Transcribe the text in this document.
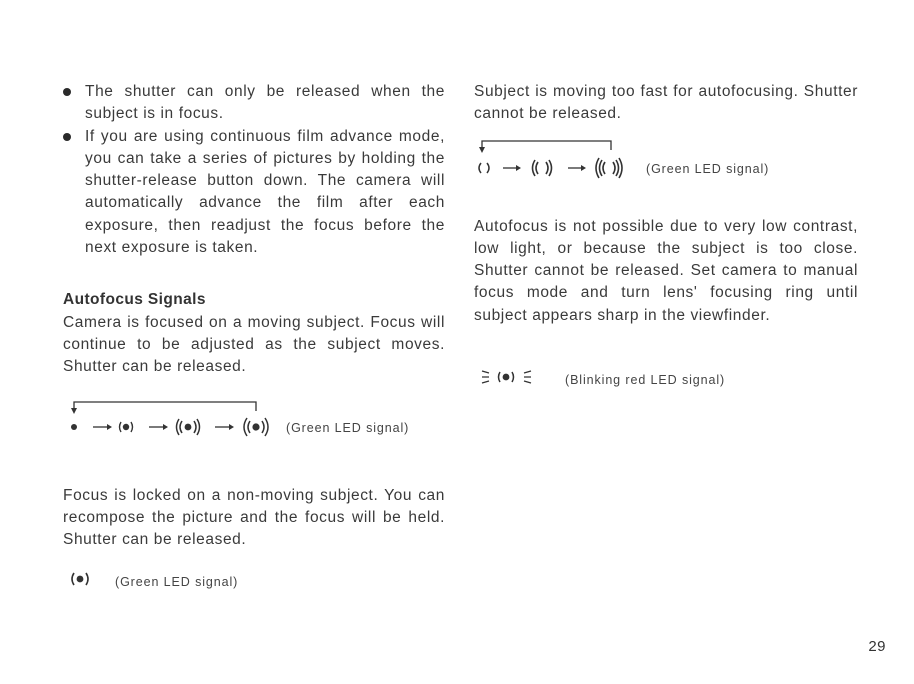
The shutter can only be released when the subject is in focus.
If you are using continuous film advance mode, you can take a series of pictures by holding the shutter-release button down. The camera will automatically advance the film after each exposure, then readjust the focus before the next exposure is taken.
Autofocus Signals
Camera is focused on a moving subject. Focus will continue to be adjusted as the subject moves. Shutter can be released.
(Green LED signal)
Focus is locked on a non-moving subject. You can recompose the picture and the focus will be held. Shutter can be released.
(Green LED signal)
Subject is moving too fast for autofocusing. Shutter cannot be released.
(Green LED signal)
Autofocus is not possible due to very low contrast, low light, or because the subject is too close. Shutter cannot be released. Set camera to manual focus mode and turn lens' focusing ring until subject appears sharp in the viewfinder.
(Blinking red LED signal)
29
